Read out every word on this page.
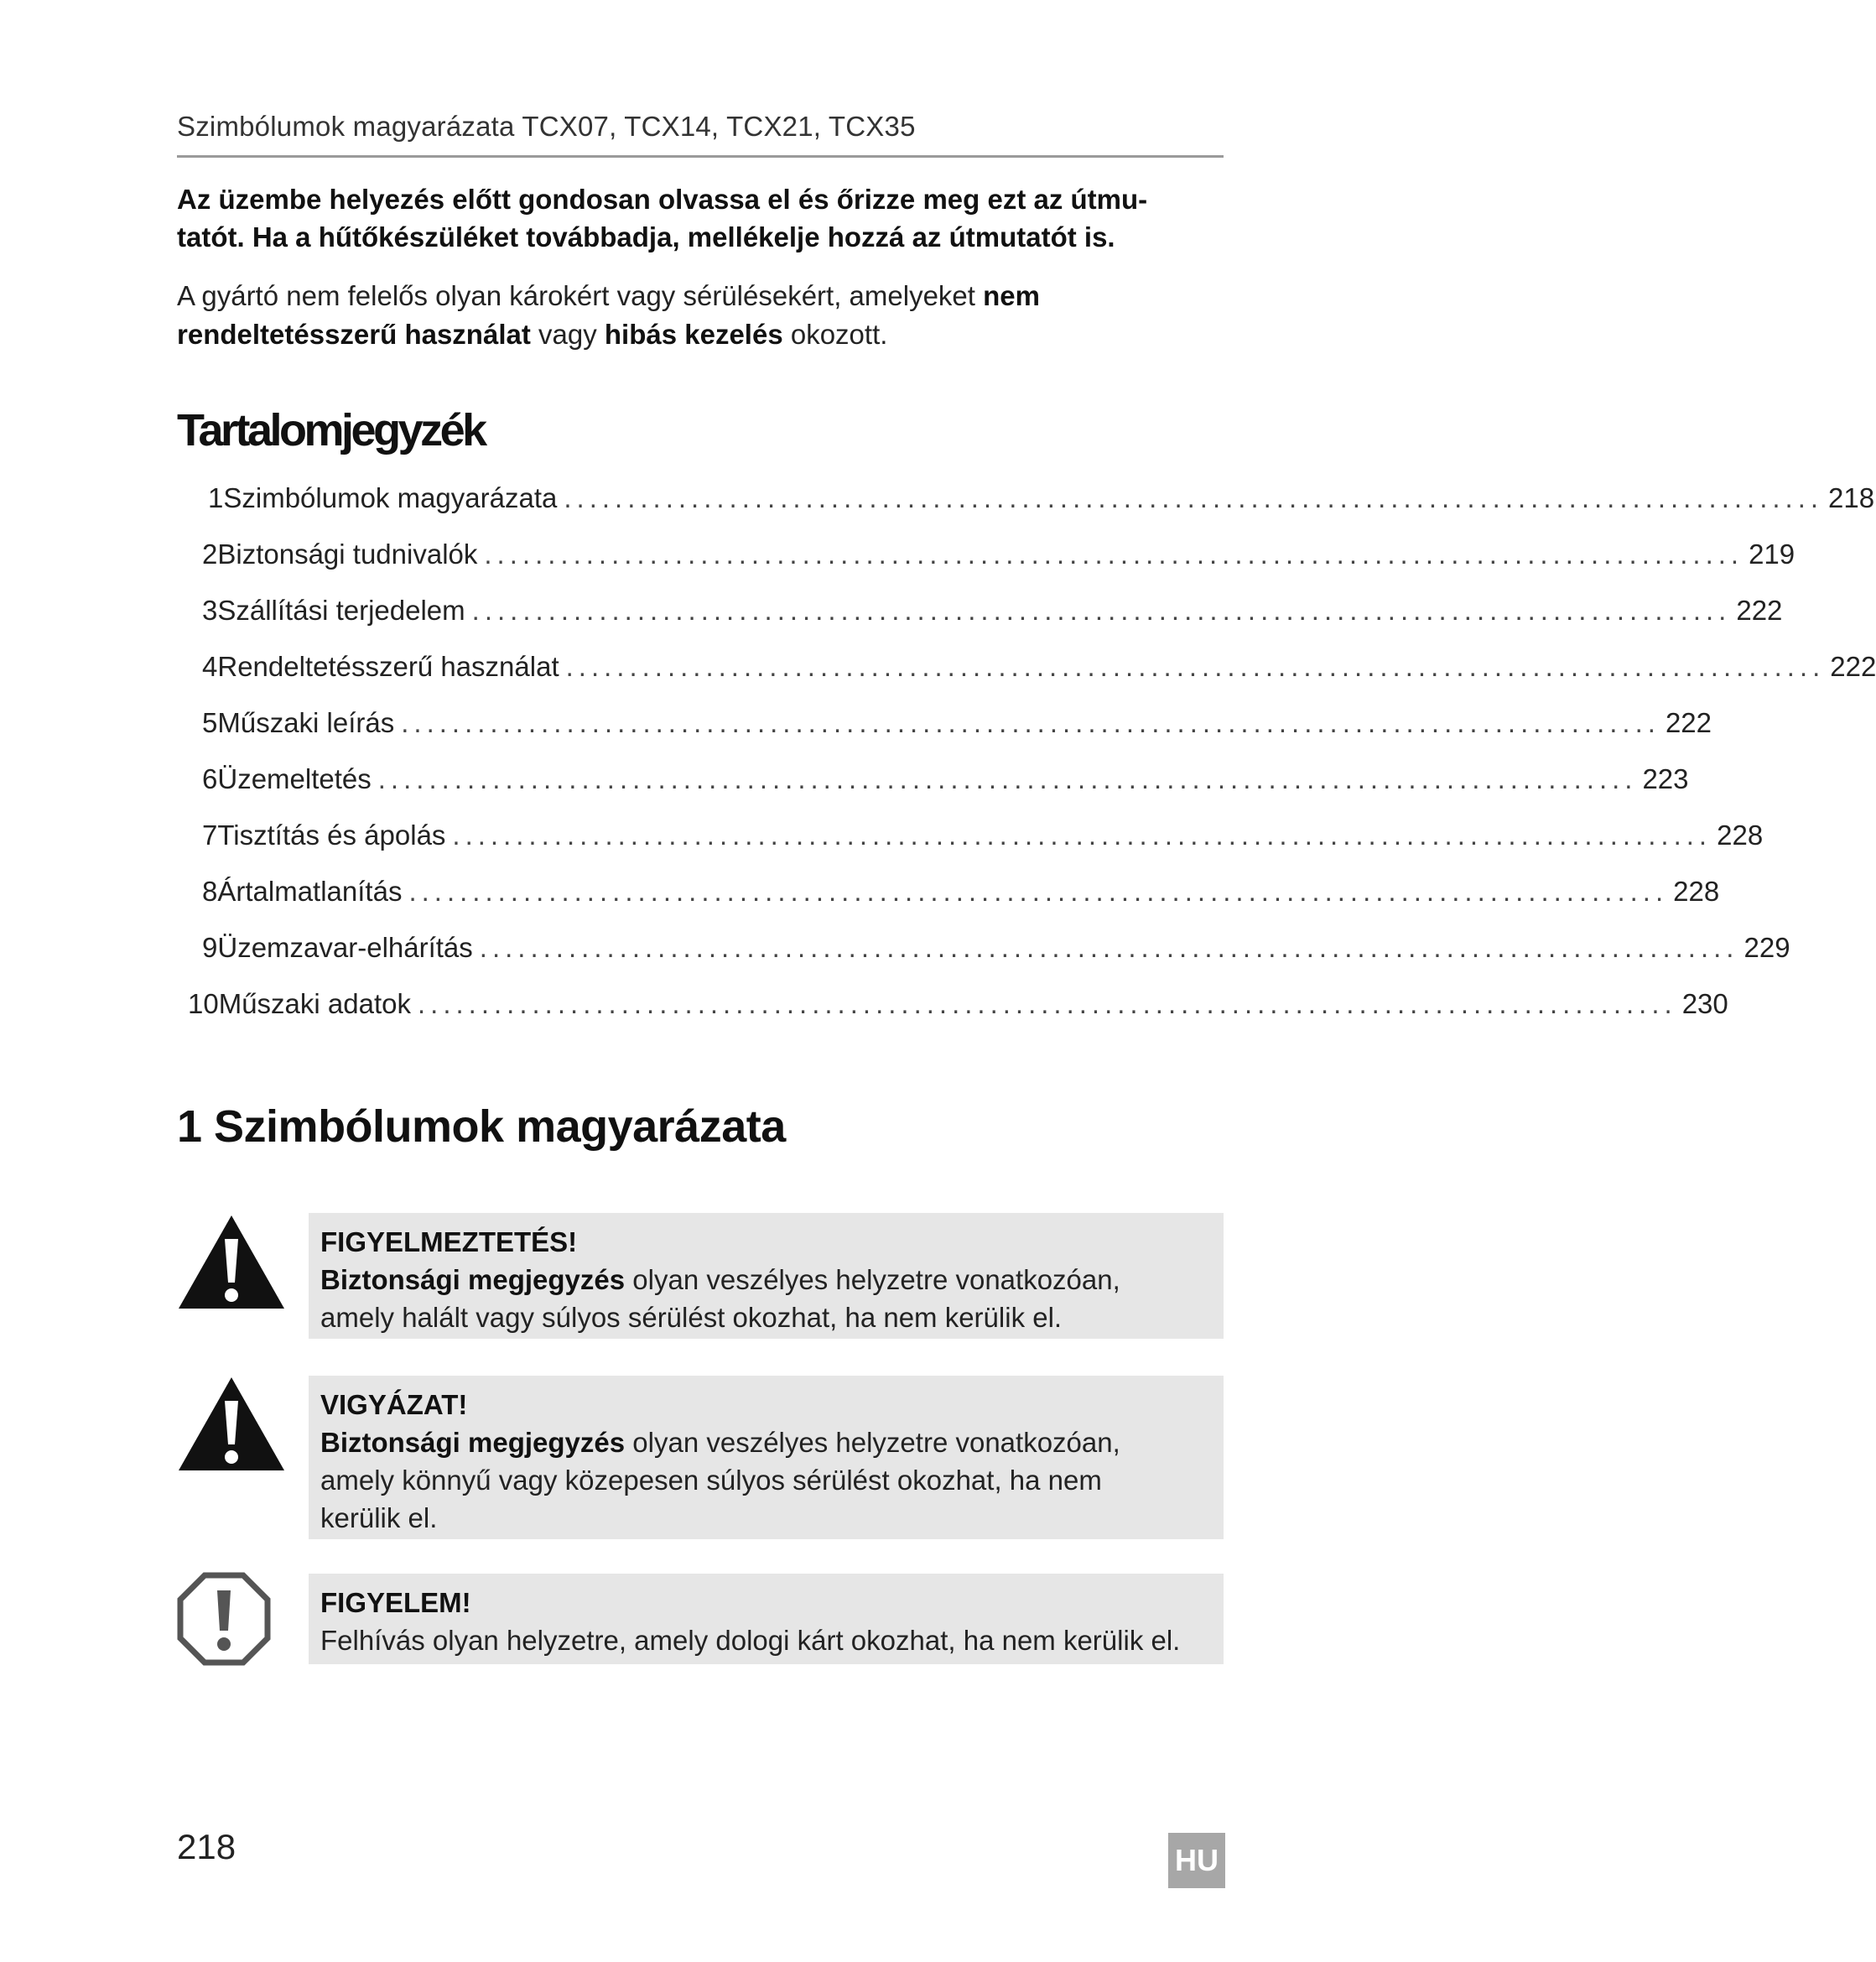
Szimbólumok magyarázata TCX07, TCX14, TCX21, TCX35
Az üzembe helyezés előtt gondosan olvassa el és őrizze meg ezt az útmu-
tatót. Ha a hűtőkészüléket továbbadja, mellékelje hozzá az útmutatót is.
A gyártó nem felelős olyan károkért vagy sérülésekért, amelyeket nem
rendeltetésszerű használat vagy hibás kezelés okozott.
Tartalomjegyzék
1 Szimbólumok magyarázata ................................................................................................... 218
2 Biztonsági tudnivalók ................................................................................................... 219
3 Szállítási terjedelem ................................................................................................... 222
4 Rendeltetésszerű használat ................................................................................................... 222
5 Műszaki leírás ................................................................................................... 222
6 Üzemeltetés ................................................................................................... 223
7 Tisztítás és ápolás ................................................................................................... 228
8 Ártalmatlanítás ................................................................................................... 228
9 Üzemzavar-elhárítás ................................................................................................... 229
10 Műszaki adatok ................................................................................................... 230
1 Szimbólumok magyarázata
FIGYELMEZTETÉS!
Biztonsági megjegyzés olyan veszélyes helyzetre vonatkozóan,
amely halált vagy súlyos sérülést okozhat, ha nem kerülik el.
VIGYÁZAT!
Biztonsági megjegyzés olyan veszélyes helyzetre vonatkozóan,
amely könnyű vagy közepesen súlyos sérülést okozhat, ha nem
kerülik el.
FIGYELEM!
Felhívás olyan helyzetre, amely dologi kárt okozhat, ha nem kerülik el.
218	HU
